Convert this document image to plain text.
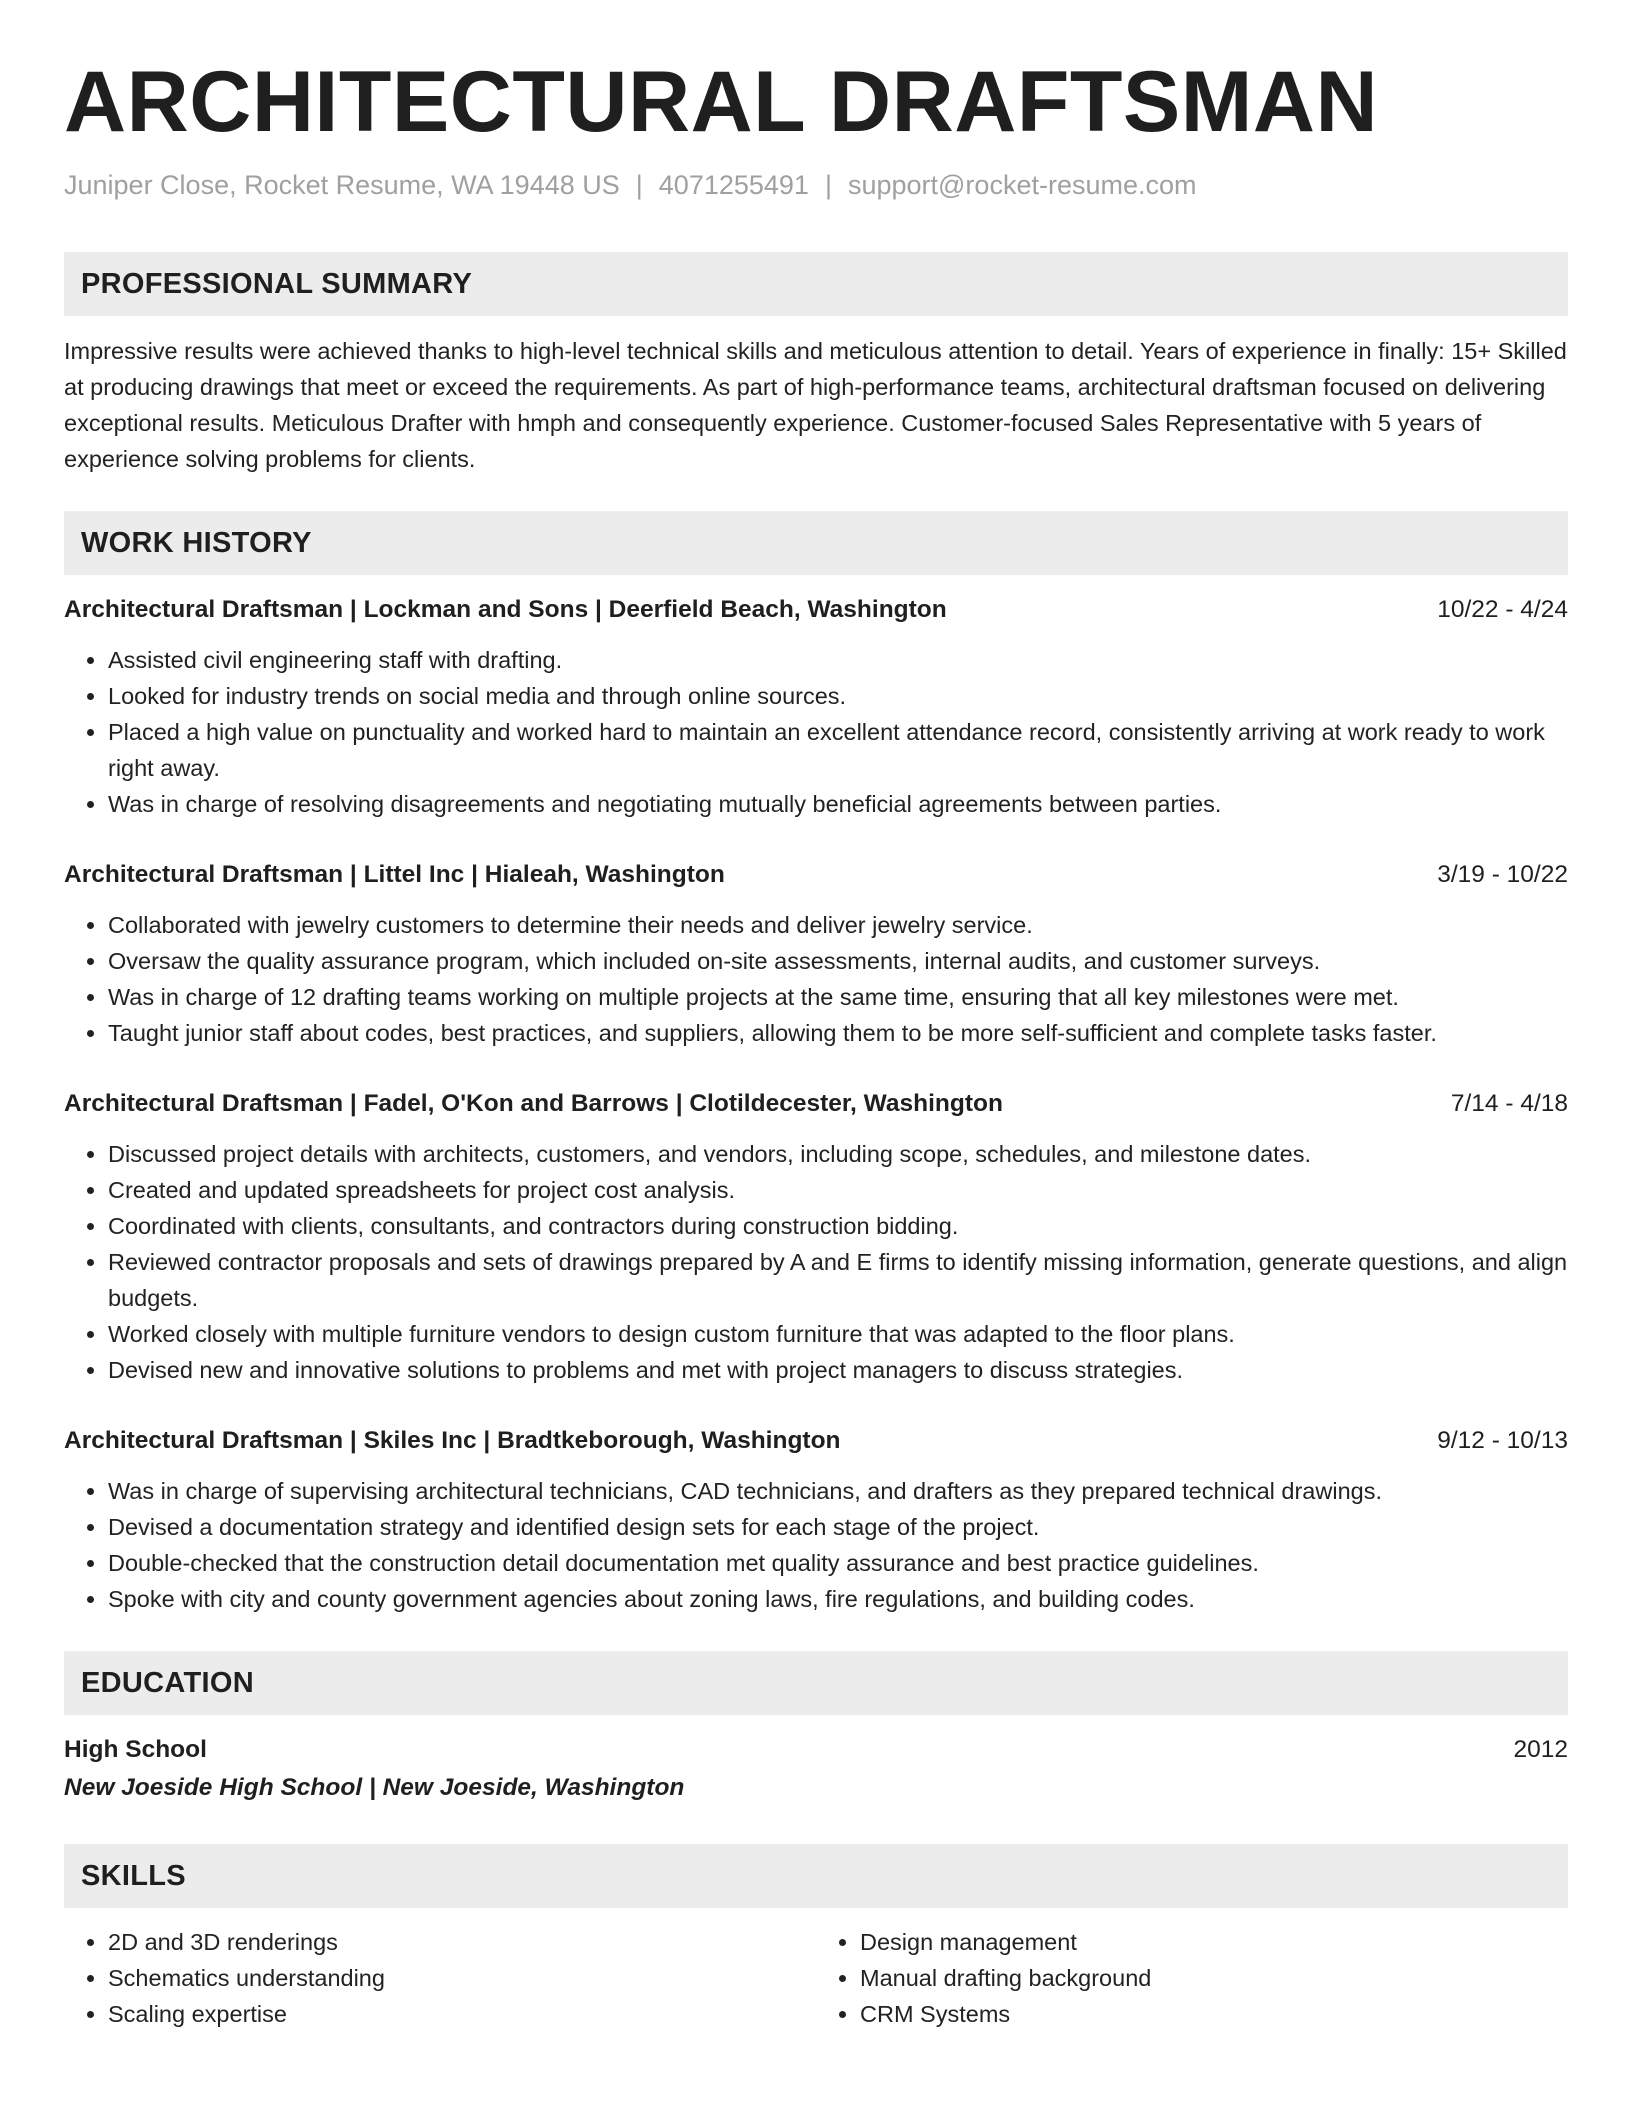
ARCHITECTURAL DRAFTSMAN
Juniper Close, Rocket Resume, WA 19448 US | 4071255491 | support@rocket-resume.com
PROFESSIONAL SUMMARY
Impressive results were achieved thanks to high-level technical skills and meticulous attention to detail. Years of experience in finally: 15+ Skilled at producing drawings that meet or exceed the requirements. As part of high-performance teams, architectural draftsman focused on delivering exceptional results. Meticulous Drafter with hmph and consequently experience. Customer-focused Sales Representative with 5 years of experience solving problems for clients.
WORK HISTORY
Architectural Draftsman | Lockman and Sons | Deerfield Beach, Washington	10/22 - 4/24
• Assisted civil engineering staff with drafting.
• Looked for industry trends on social media and through online sources.
• Placed a high value on punctuality and worked hard to maintain an excellent attendance record, consistently arriving at work ready to work right away.
• Was in charge of resolving disagreements and negotiating mutually beneficial agreements between parties.
Architectural Draftsman | Littel Inc | Hialeah, Washington	3/19 - 10/22
• Collaborated with jewelry customers to determine their needs and deliver jewelry service.
• Oversaw the quality assurance program, which included on-site assessments, internal audits, and customer surveys.
• Was in charge of 12 drafting teams working on multiple projects at the same time, ensuring that all key milestones were met.
• Taught junior staff about codes, best practices, and suppliers, allowing them to be more self-sufficient and complete tasks faster.
Architectural Draftsman | Fadel, O'Kon and Barrows | Clotildecester, Washington	7/14 - 4/18
• Discussed project details with architects, customers, and vendors, including scope, schedules, and milestone dates.
• Created and updated spreadsheets for project cost analysis.
• Coordinated with clients, consultants, and contractors during construction bidding.
• Reviewed contractor proposals and sets of drawings prepared by A and E firms to identify missing information, generate questions, and align budgets.
• Worked closely with multiple furniture vendors to design custom furniture that was adapted to the floor plans.
• Devised new and innovative solutions to problems and met with project managers to discuss strategies.
Architectural Draftsman | Skiles Inc | Bradtkeborough, Washington	9/12 - 10/13
• Was in charge of supervising architectural technicians, CAD technicians, and drafters as they prepared technical drawings.
• Devised a documentation strategy and identified design sets for each stage of the project.
• Double-checked that the construction detail documentation met quality assurance and best practice guidelines.
• Spoke with city and county government agencies about zoning laws, fire regulations, and building codes.
EDUCATION
High School	2012
New Joeside High School | New Joeside, Washington
SKILLS
• 2D and 3D renderings
• Schematics understanding
• Scaling expertise
• Design management
• Manual drafting background
• CRM Systems
